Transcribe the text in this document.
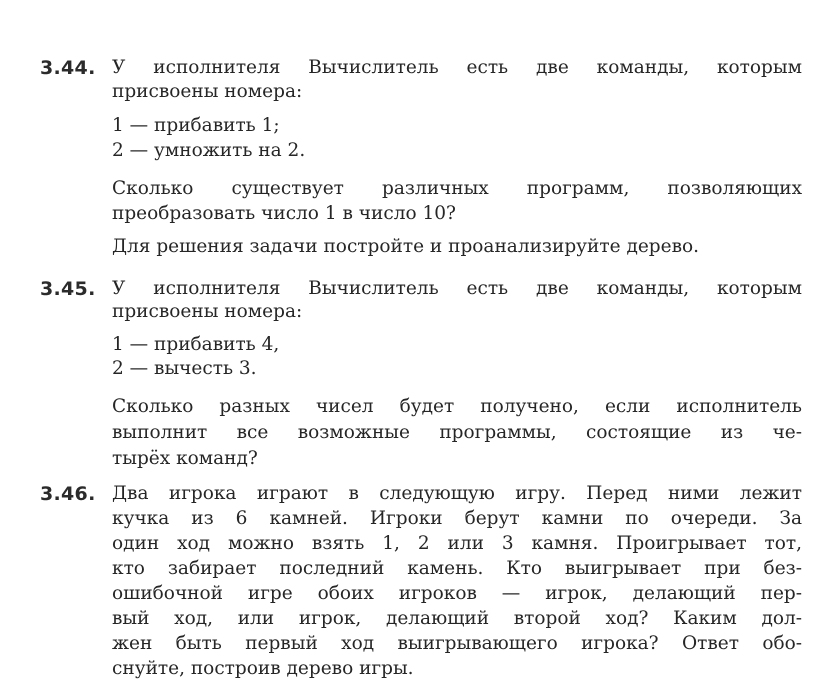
3.44. У исполнителя Вычислитель есть две команды, которым
присвоены номера:
1 — прибавить 1;
2 — умножить на 2.
Сколько существует различных программ, позволяющих
преобразовать число 1 в число 10?
Для решения задачи постройте и проанализируйте дерево.
3.45. У исполнителя Вычислитель есть две команды, которым
присвоены номера:
1 — прибавить 4,
2 — вычесть 3.
Сколько разных чисел будет получено, если исполнитель
выполнит все возможные программы, состоящие из че-
тырёх команд?
3.46. Два игрока играют в следующую игру. Перед ними лежит
кучка из 6 камней. Игроки берут камни по очереди. За
один ход можно взять 1, 2 или 3 камня. Проигрывает тот,
кто забирает последний камень. Кто выигрывает при без-
ошибочной игре обоих игроков — игрок, делающий пер-
вый ход, или игрок, делающий второй ход? Каким дол-
жен быть первый ход выигрывающего игрока? Ответ обо-
снуйте, построив дерево игры.
